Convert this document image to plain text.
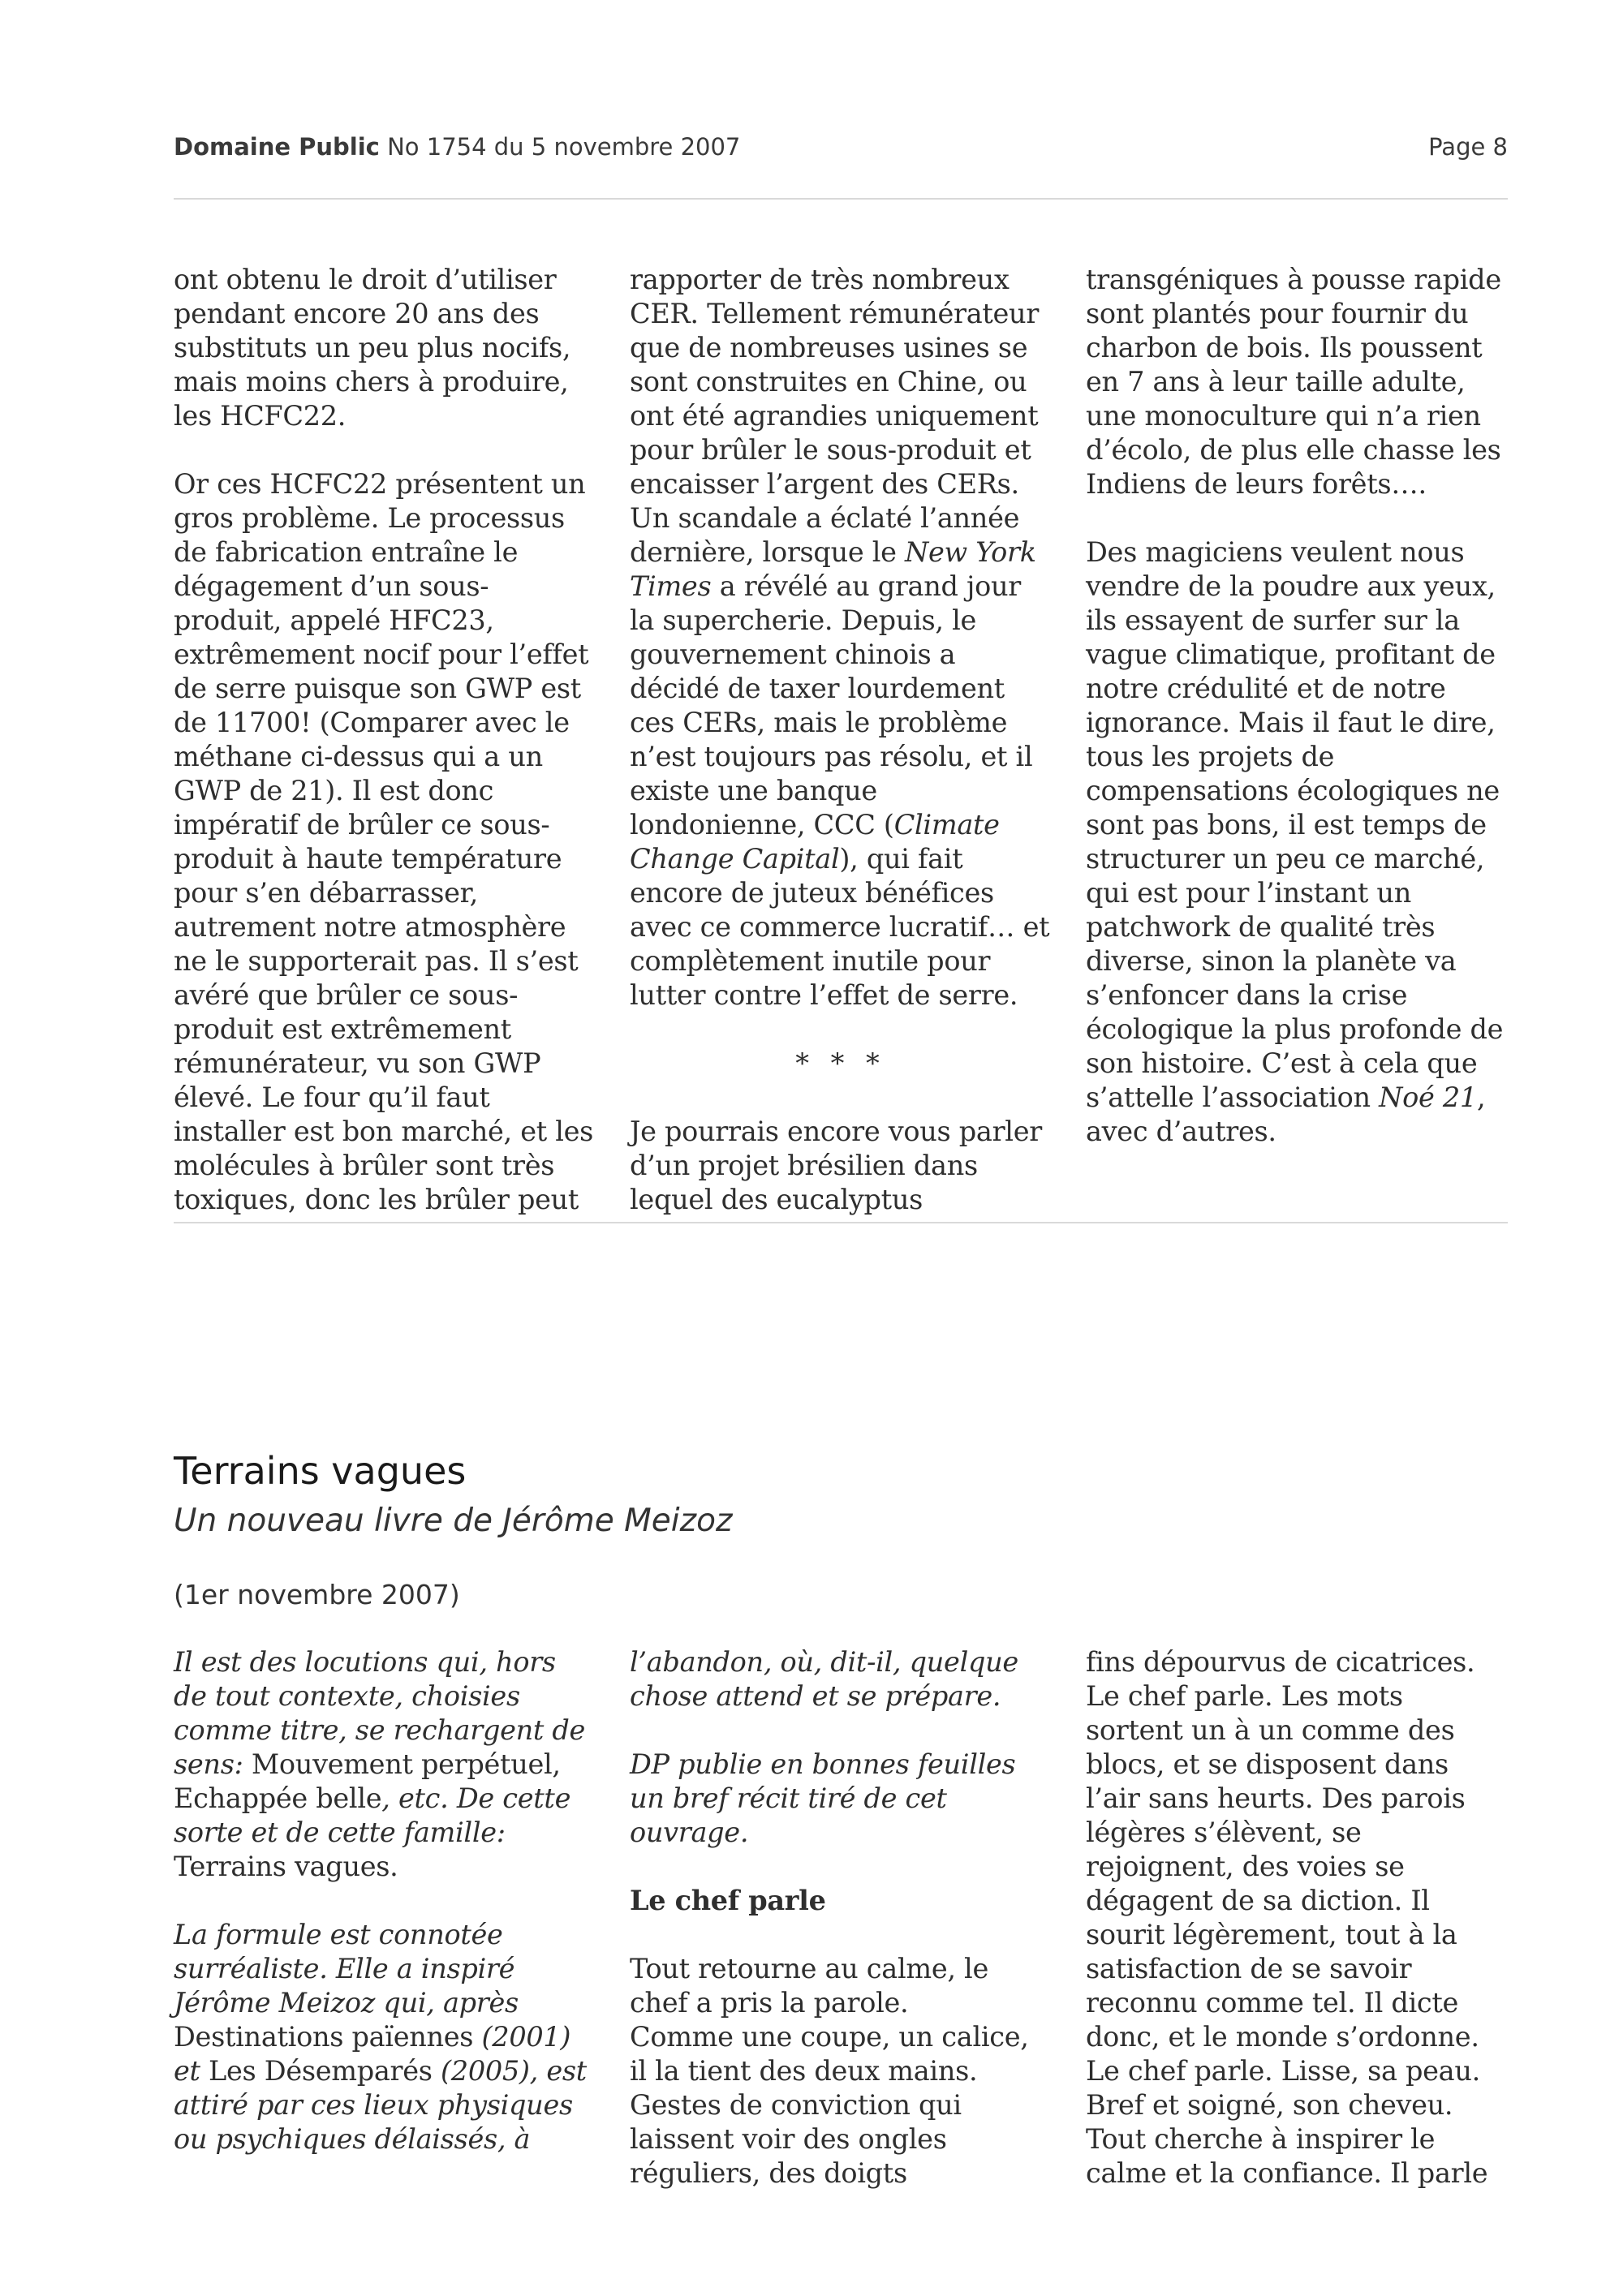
Domaine Public No 1754 du 5 novembre 2007	Page 8

ont obtenu le droit d’utiliser pendant encore 20 ans des substituts un peu plus nocifs, mais moins chers à produire, les HCFC22.

Or ces HCFC22 présentent un gros problème. Le processus de fabrication entraîne le dégagement d’un sous-produit, appelé HFC23, extrêmement nocif pour l’effet de serre puisque son GWP est de 11700! (Comparer avec le méthane ci-dessus qui a un GWP de 21). Il est donc impératif de brûler ce sous-produit à haute température pour s’en débarrasser, autrement notre atmosphère ne le supporterait pas. Il s’est avéré que brûler ce sous-produit est extrêmement rémunérateur, vu son GWP élevé. Le four qu’il faut installer est bon marché, et les molécules à brûler sont très toxiques, donc les brûler peut

rapporter de très nombreux CER. Tellement rémunérateur que de nombreuses usines se sont construites en Chine, ou ont été agrandies uniquement pour brûler le sous-produit et encaisser l’argent des CERs. Un scandale a éclaté l’année dernière, lorsque le New York Times a révélé au grand jour la supercherie. Depuis, le gouvernement chinois a décidé de taxer lourdement ces CERs, mais le problème n’est toujours pas résolu, et il existe une banque londonienne, CCC (Climate Change Capital), qui fait encore de juteux bénéfices avec ce commerce lucratif… et complètement inutile pour lutter contre l’effet de serre.

* * *

Je pourrais encore vous parler d’un projet brésilien dans lequel des eucalyptus

transgéniques à pousse rapide sont plantés pour fournir du charbon de bois. Ils poussent en 7 ans à leur taille adulte, une monoculture qui n’a rien d’écolo, de plus elle chasse les Indiens de leurs forêts….

Des magiciens veulent nous vendre de la poudre aux yeux, ils essayent de surfer sur la vague climatique, profitant de notre crédulité et de notre ignorance. Mais il faut le dire, tous les projets de compensations écologiques ne sont pas bons, il est temps de structurer un peu ce marché, qui est pour l’instant un patchwork de qualité très diverse, sinon la planète va s’enfoncer dans la crise écologique la plus profonde de son histoire. C’est à cela que s’attelle l’association Noé 21, avec d’autres.

Terrains vagues
Un nouveau livre de Jérôme Meizoz
(1er novembre 2007)

Il est des locutions qui, hors de tout contexte, choisies comme titre, se rechargent de sens: Mouvement perpétuel, Echappée belle, etc. De cette sorte et de cette famille: Terrains vagues.

La formule est connotée surréaliste. Elle a inspiré Jérôme Meizoz qui, après Destinations païennes (2001) et Les Désemparés (2005), est attiré par ces lieux physiques ou psychiques délaissés, à

l’abandon, où, dit-il, quelque chose attend et se prépare.

DP publie en bonnes feuilles un bref récit tiré de cet ouvrage.

Le chef parle

Tout retourne au calme, le chef a pris la parole.

Comme une coupe, un calice, il la tient des deux mains. Gestes de conviction qui laissent voir des ongles réguliers, des doigts

fins dépourvus de cicatrices. Le chef parle. Les mots sortent un à un comme des blocs, et se disposent dans l’air sans heurts. Des parois légères s’élèvent, se rejoignent, des voies se dégagent de sa diction. Il sourit légèrement, tout à la satisfaction de se savoir reconnu comme tel. Il dicte donc, et le monde s’ordonne. Le chef parle. Lisse, sa peau. Bref et soigné, son cheveu. Tout cherche à inspirer le calme et la confiance. Il parle
